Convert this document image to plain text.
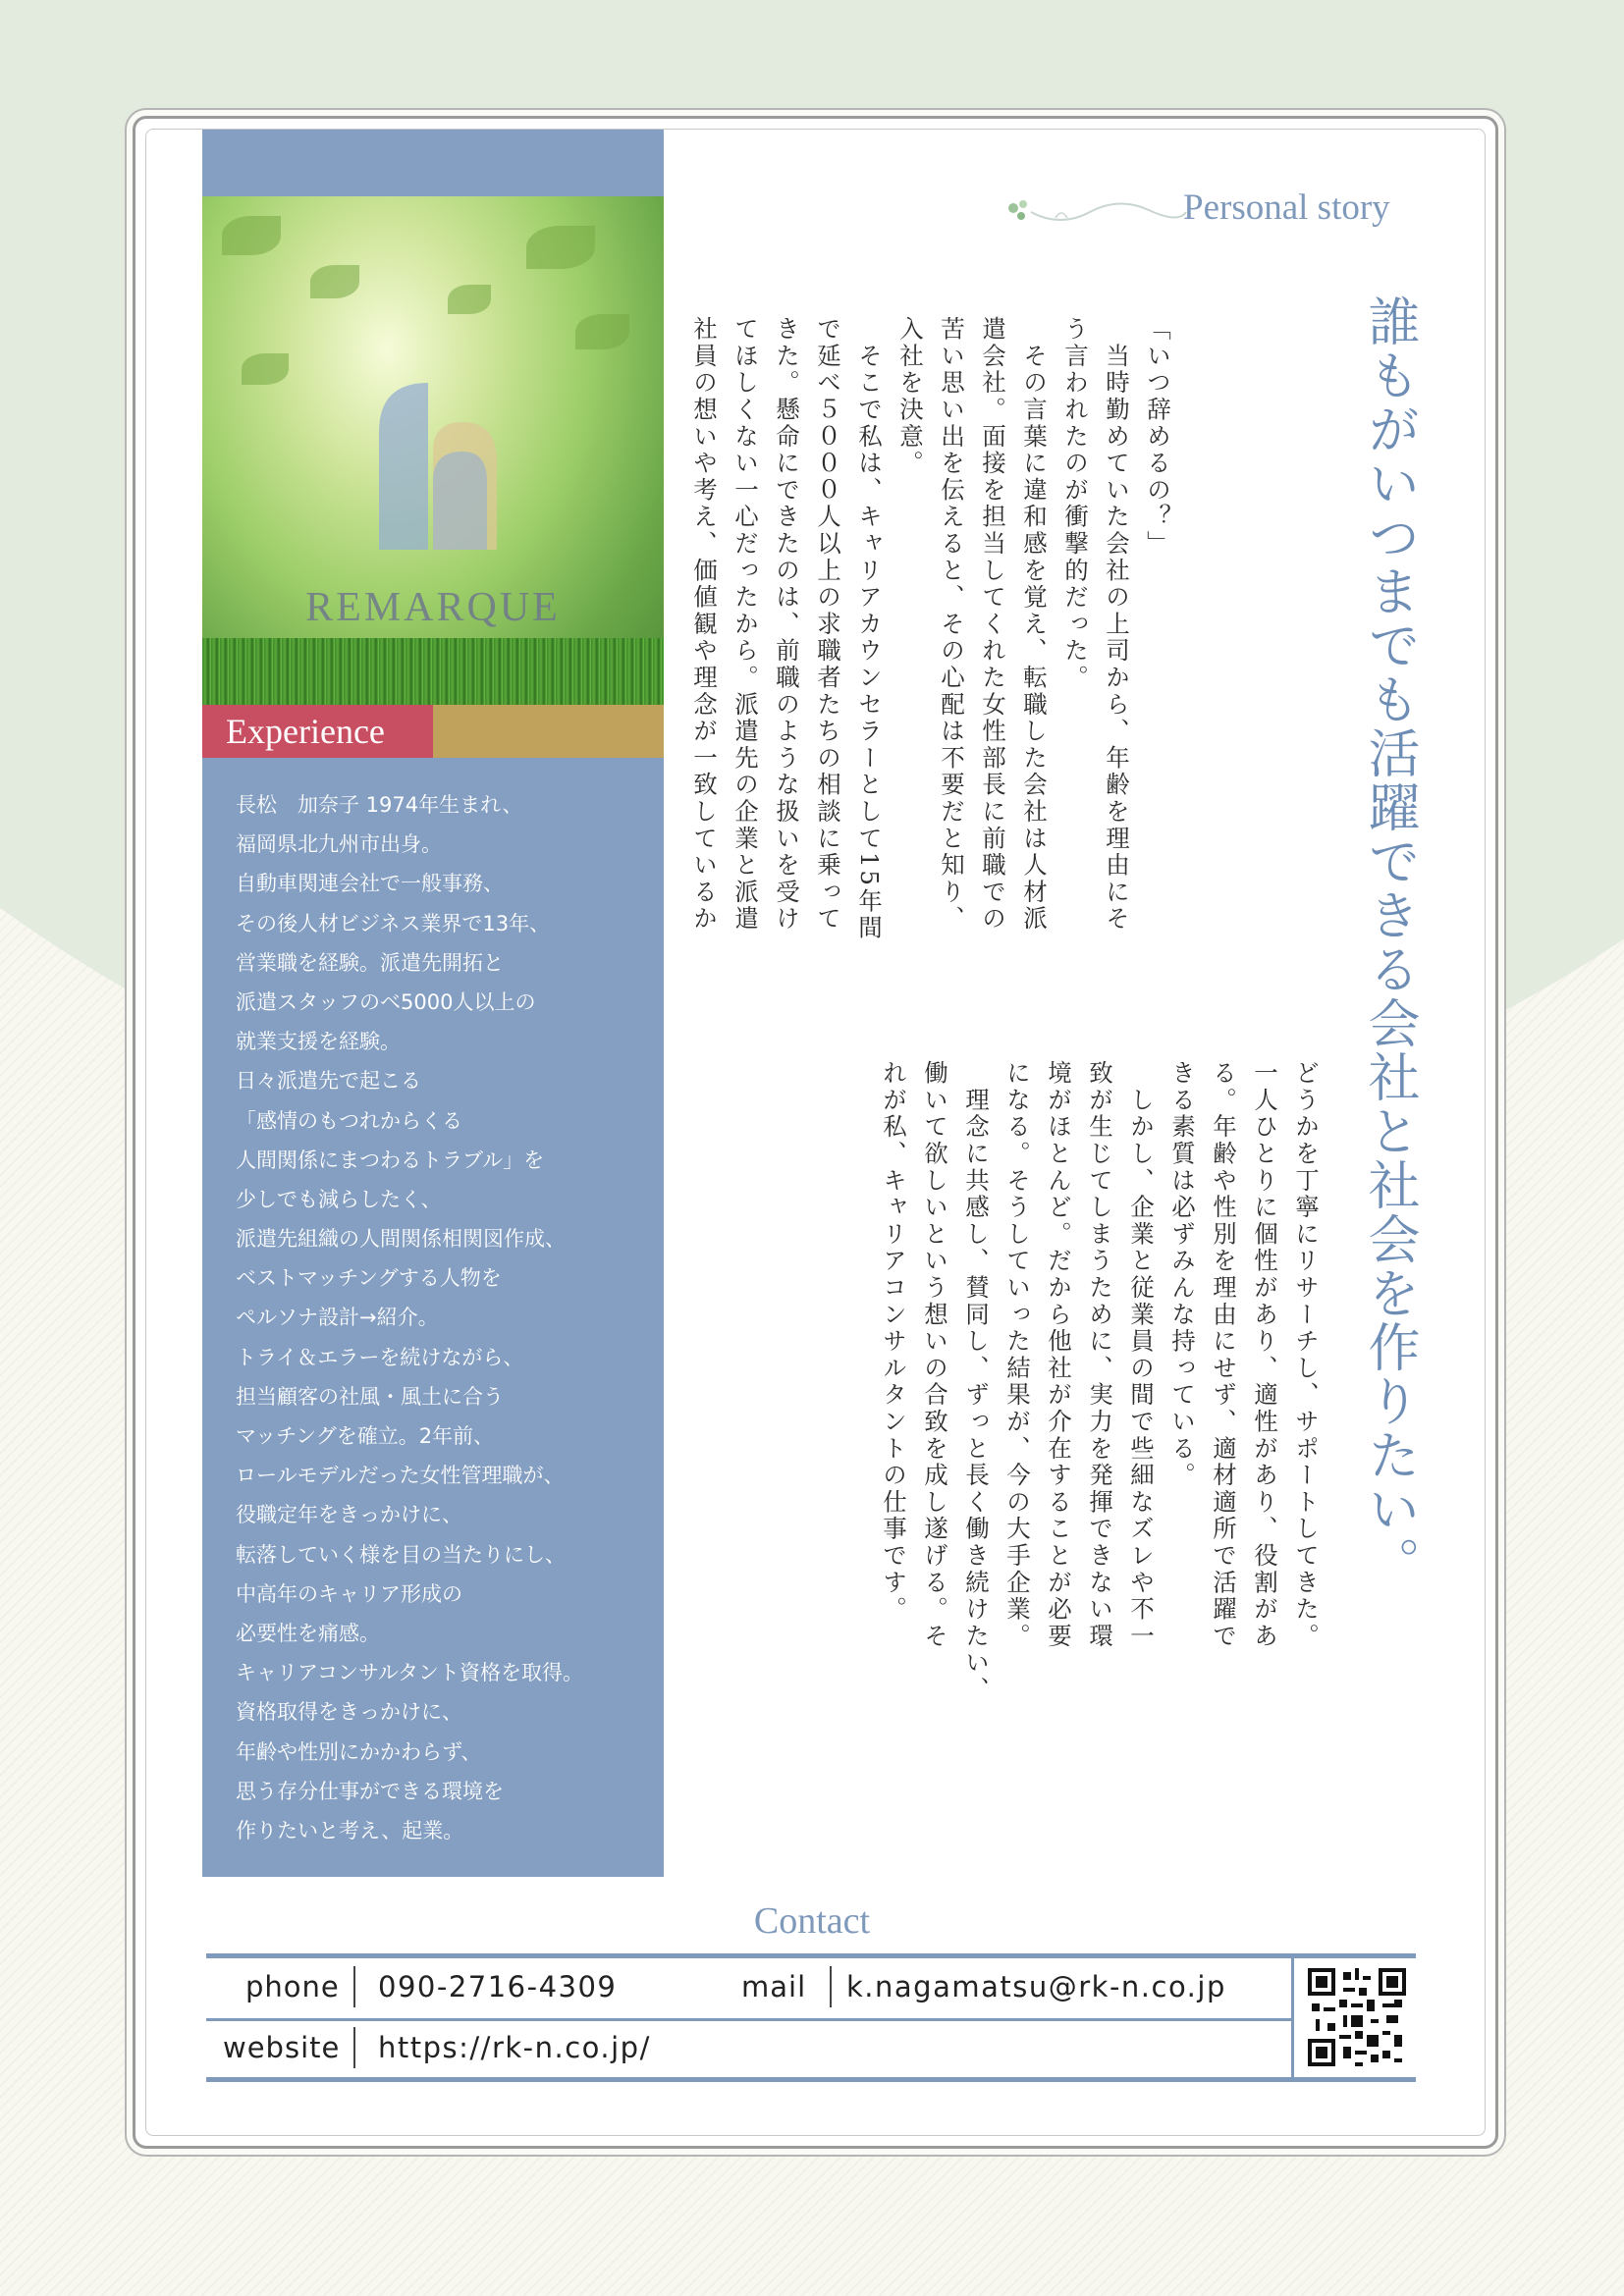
REMARQUE
Experience
長松　加奈子 1974年生まれ、
福岡県北九州市出身。
自動車関連会社で一般事務、
その後人材ビジネス業界で13年、
営業職を経験。派遣先開拓と
派遣スタッフのベ5000人以上の
就業支援を経験。
日々派遣先で起こる
「感情のもつれからくる
人間関係にまつわるトラブル」を
少しでも減らしたく、
派遣先組織の人間関係相関図作成、
ベストマッチングする人物を
ペルソナ設計→紹介。
トライ＆エラーを続けながら、
担当顧客の社風・風土に合う
マッチングを確立。2年前、
ロールモデルだった女性管理職が、
役職定年をきっかけに、
転落していく様を目の当たりにし、
中高年のキャリア形成の
必要性を痛感。
キャリアコンサルタント資格を取得。
資格取得をきっかけに、
年齢や性別にかかわらず、
思う存分仕事ができる環境を
作りたいと考え、起業。
Personal story
誰もがいつまでも活躍できる会社と社会を作りたい。
「いつ辞めるの？」
　当時勤めていた会社の上司から、年齢を理由にそ
う言われたのが衝撃的だった。
　その言葉に違和感を覚え、転職した会社は人材派
遣会社。面接を担当してくれた女性部長に前職での
苦い思い出を伝えると、その心配は不要だと知り、
入社を決意。
　そこで私は、キャリアカウンセラーとして15年間
で延べ５０００人以上の求職者たちの相談に乗って
きた。懸命にできたのは、前職のような扱いを受け
てほしくない一心だったから。派遣先の企業と派遣
社員の想いや考え、価値観や理念が一致しているか
どうかを丁寧にリサーチし、サポートしてきた。
一人ひとりに個性があり、適性があり、役割があ
る。年齢や性別を理由にせず、適材適所で活躍で
きる素質は必ずみんな持っている。
　しかし、企業と従業員の間で些細なズレや不一
致が生じてしまうために、実力を発揮できない環
境がほとんど。だから他社が介在することが必要
になる。そうしていった結果が、今の大手企業。
　理念に共感し、賛同し、ずっと長く働き続けたい、
働いて欲しいという想いの合致を成し遂げる。そ
れが私、キャリアコンサルタントの仕事です。
Contact
phone 090-2716-4309	mail k.nagamatsu@rk-n.co.jp
website https://rk-n.co.jp/
